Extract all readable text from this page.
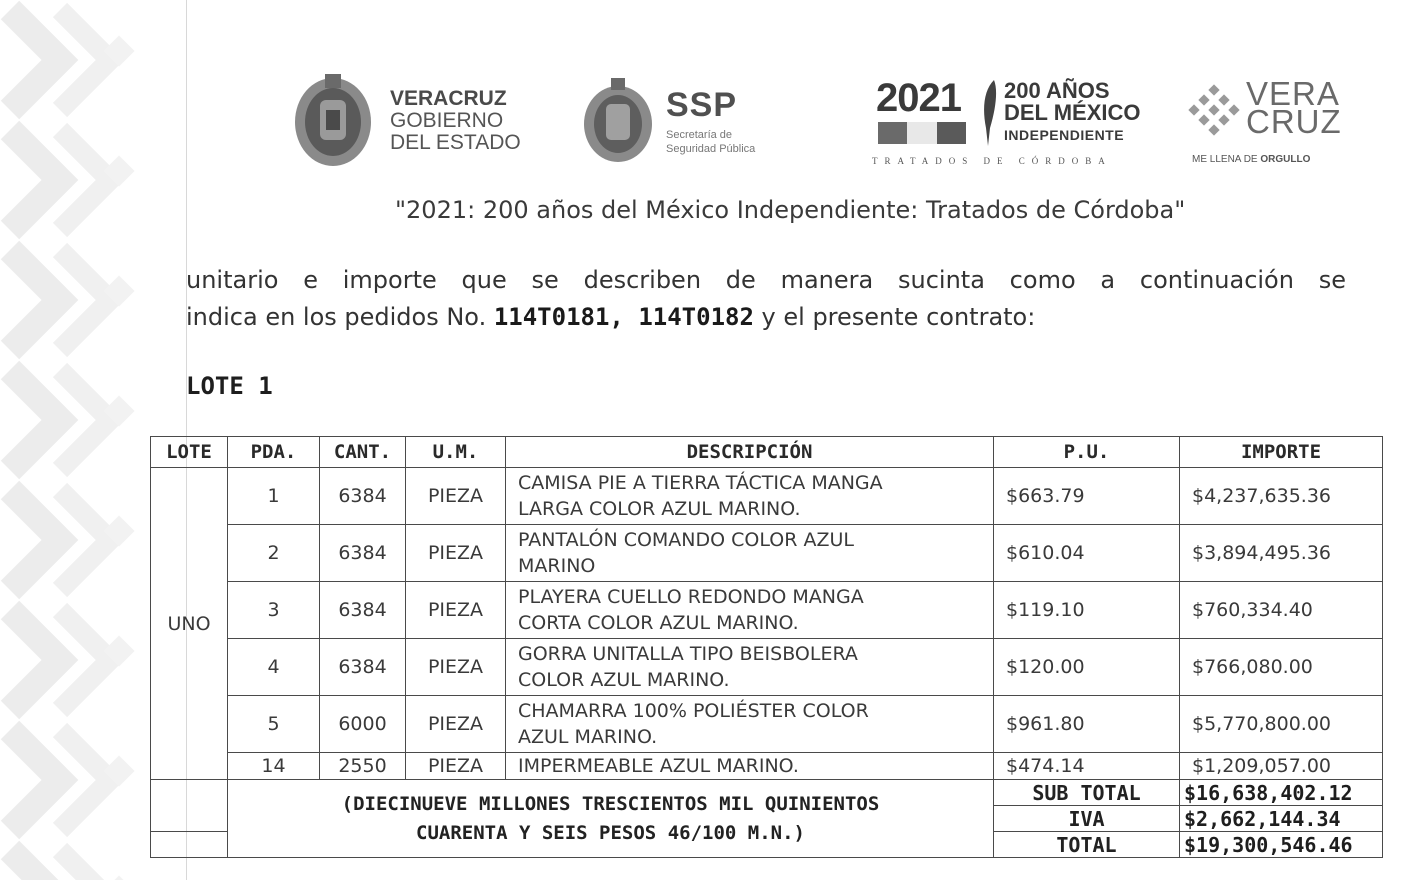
VERACRUZ
GOBIERNO
DEL ESTADO
SSP
Secretaría de
Seguridad Pública
2021 200 AÑOS
DEL MÉXICO
INDEPENDIENTE
TRATADOS DE CÓRDOBA
VERA
CRUZ
ME LLENA DE ORGULLO
"2021: 200 años del México Independiente: Tratados de Córdoba"
unitario e importe que se describen de manera sucinta como a continuación se
indica en los pedidos No. 114T0181, 114T0182 y el presente contrato:
LOTE 1
LOTE	PDA.	CANT.	U.M.	DESCRIPCIÓN	P.U.	IMPORTE
UNO	1	6384	PIEZA	CAMISA PIE A TIERRA TÁCTICA MANGA
LARGA COLOR AZUL MARINO.	$663.79	$4,237,635.36
	2	6384	PIEZA	PANTALÓN COMANDO COLOR AZUL
MARINO	$610.04	$3,894,495.36
	3	6384	PIEZA	PLAYERA CUELLO REDONDO MANGA
CORTA COLOR AZUL MARINO.	$119.10	$760,334.40
	4	6384	PIEZA	GORRA UNITALLA TIPO BEISBOLERA
COLOR AZUL MARINO.	$120.00	$766,080.00
	5	6000	PIEZA	CHAMARRA 100% POLIÉSTER COLOR
AZUL MARINO.	$961.80	$5,770,800.00
	14	2550	PIEZA	IMPERMEABLE AZUL MARINO.	$474.14	$1,209,057.00

	(DIECINUEVE MILLONES TRESCIENTOS MIL QUINIENTOS
CUARENTA Y SEIS PESOS 46/100 M.N.)				SUB TOTAL	$16,638,402.12
					IVA	$2,662,144.34
					TOTAL	$19,300,546.46
